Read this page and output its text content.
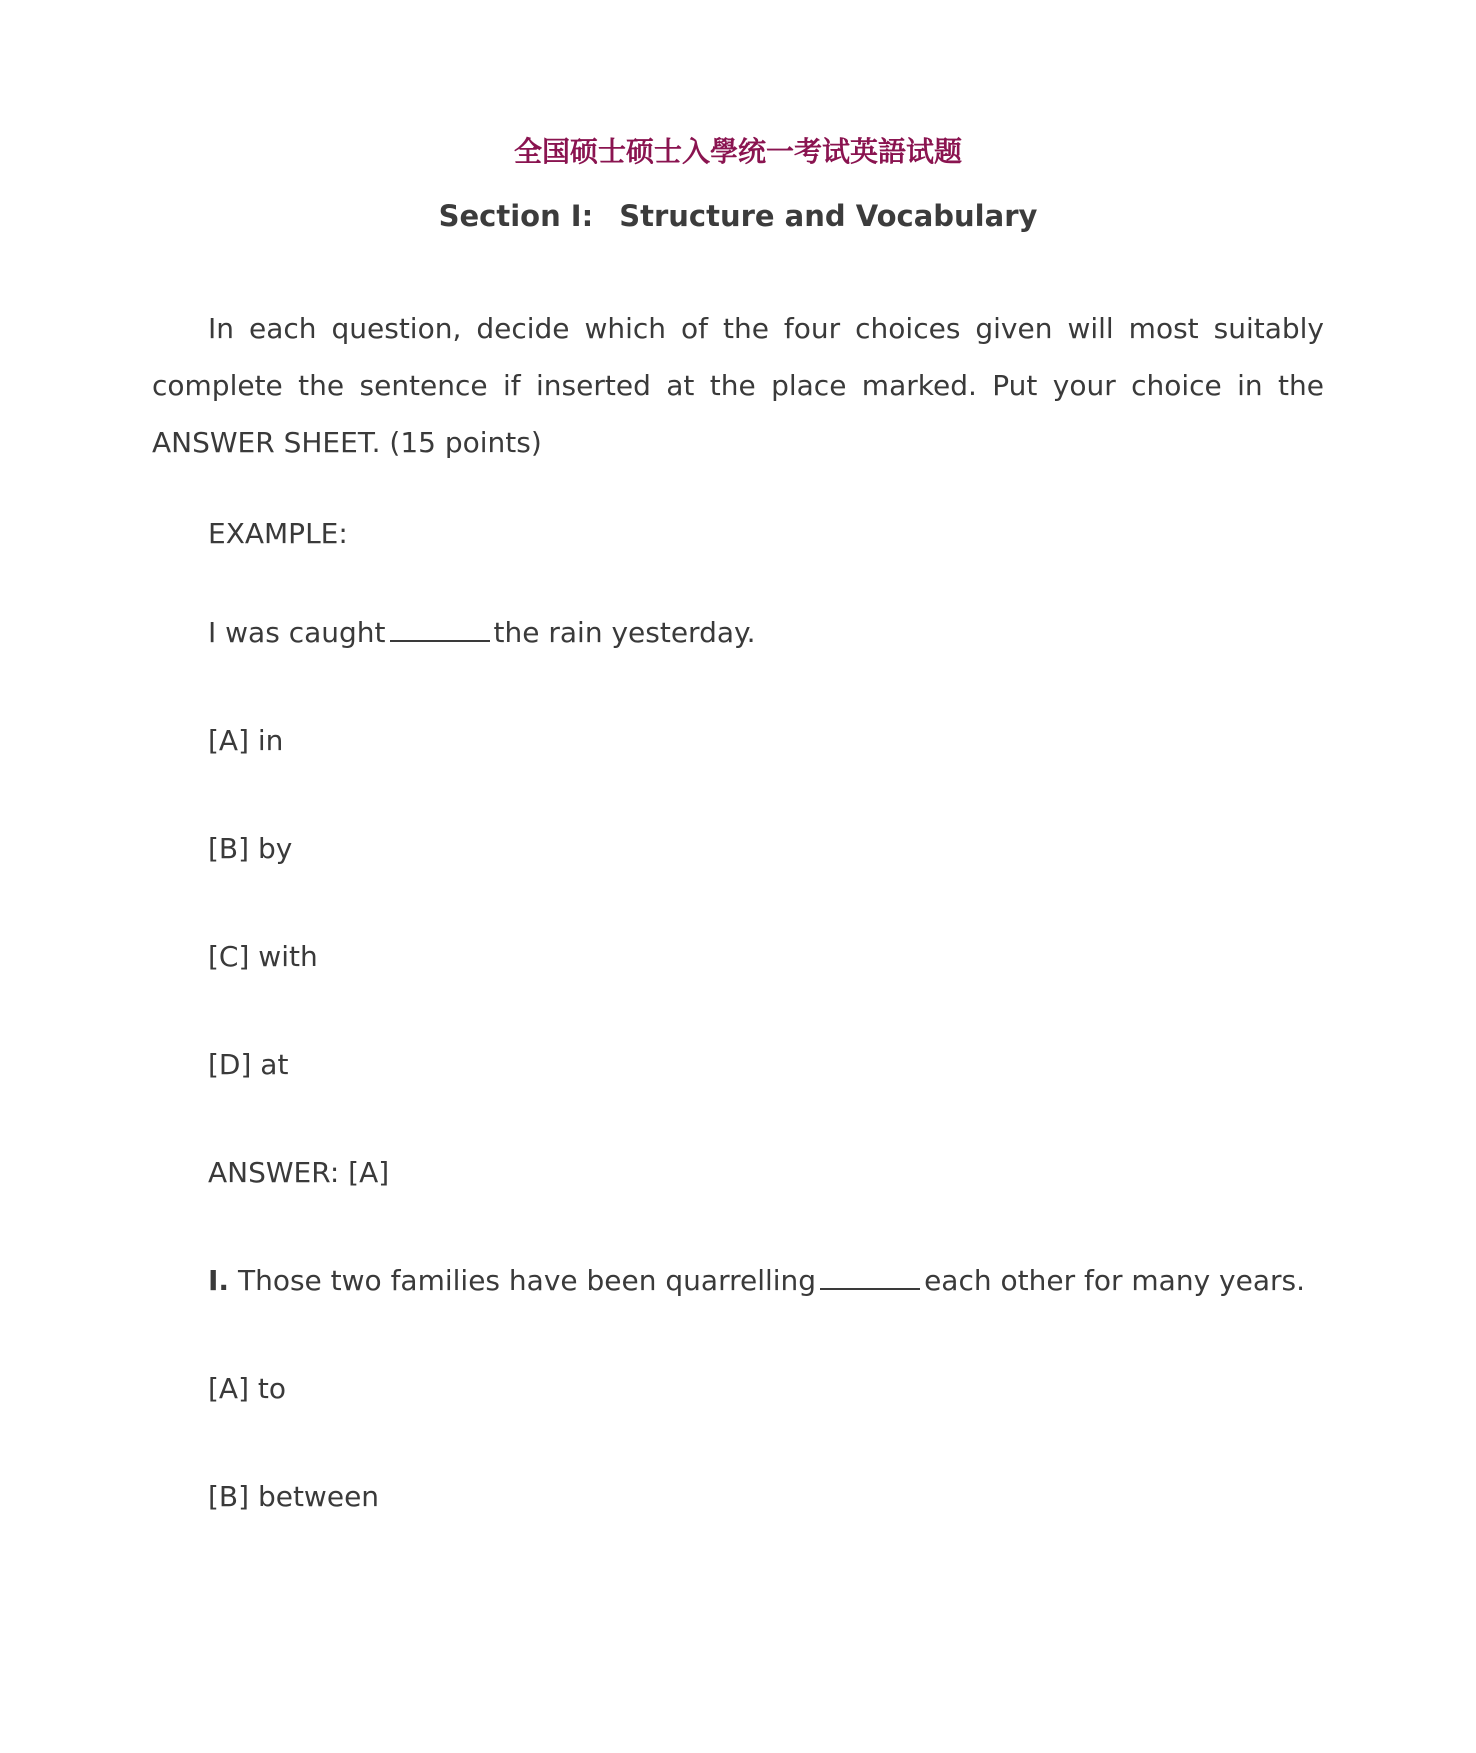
全国硕士硕士入學统一考试英語试题
Section I: Structure and Vocabulary

In each question, decide which of the four choices given will most suitably complete the sentence if inserted at the place marked. Put your choice in the ANSWER SHEET. (15 points)

EXAMPLE:

I was caught	the rain yesterday.

[A] in

[B] by

[C] with

[D] at

ANSWER: [A]

I. Those two families have been quarrelling	each other for many years.

[A] to

[B] between
